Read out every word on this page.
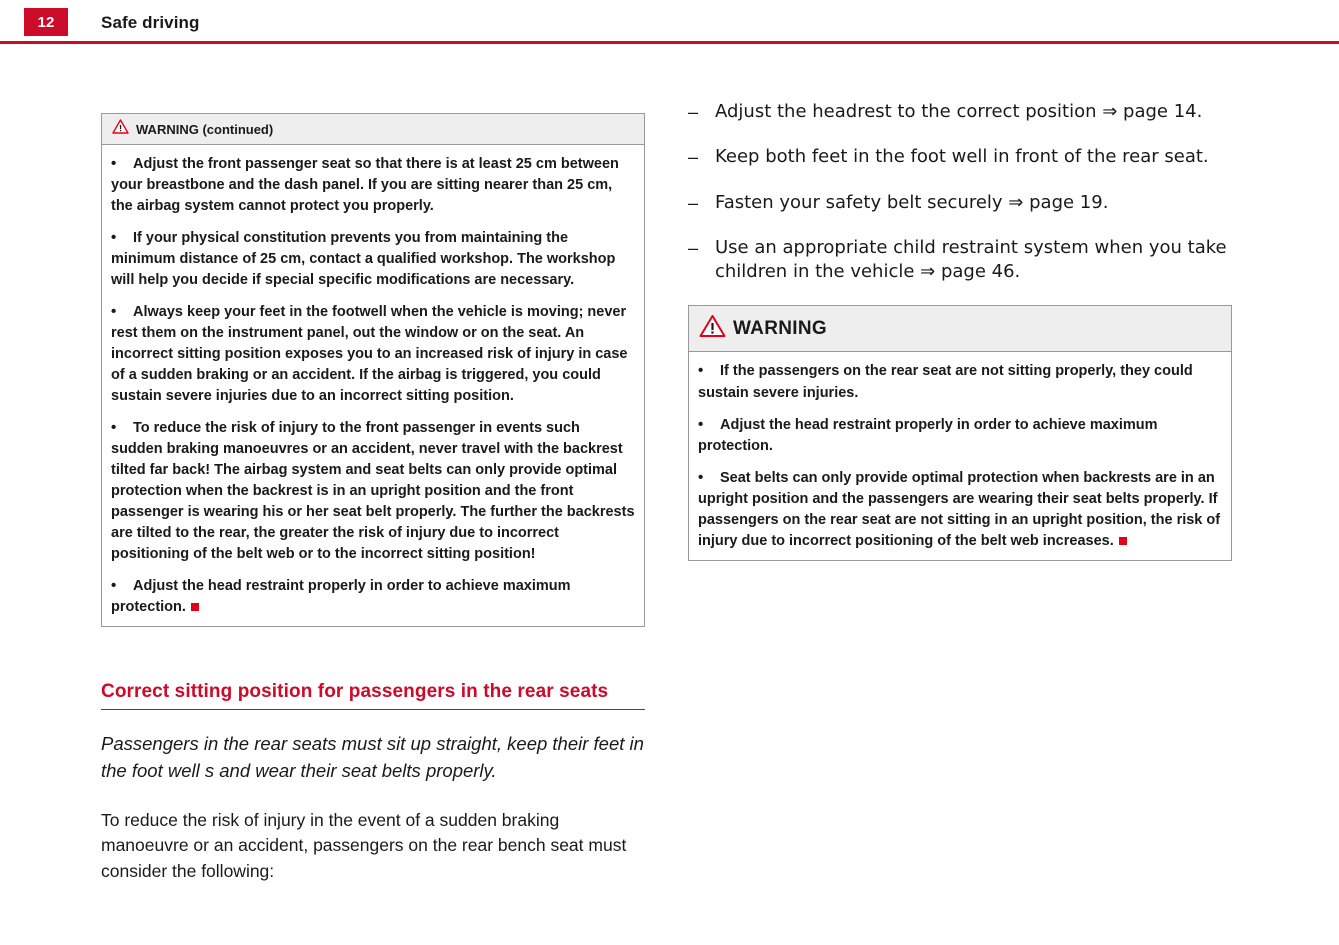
12	Safe driving
WARNING (continued)
•Adjust the front passenger seat so that there is at least 25 cm between your breastbone and the dash panel. If you are sitting nearer than 25 cm, the airbag system cannot protect you properly.
•If your physical constitution prevents you from maintaining the minimum distance of 25 cm, contact a qualified workshop. The workshop will help you decide if special specific modifications are necessary.
•Always keep your feet in the footwell when the vehicle is moving; never rest them on the instrument panel, out the window or on the seat. An incorrect sitting position exposes you to an increased risk of injury in case of a sudden braking or an accident. If the airbag is triggered, you could sustain severe injuries due to an incorrect sitting position.
•To reduce the risk of injury to the front passenger in events such sudden braking manoeuvres or an accident, never travel with the backrest tilted far back! The airbag system and seat belts can only provide optimal protection when the backrest is in an upright position and the front passenger is wearing his or her seat belt properly. The further the backrests are tilted to the rear, the greater the risk of injury due to incorrect positioning of the belt web or to the incorrect sitting position!
•Adjust the head restraint properly in order to achieve maximum protection.
Correct sitting position for passengers in the rear seats
Passengers in the rear seats must sit up straight, keep their feet in the foot well s and wear their seat belts properly.
To reduce the risk of injury in the event of a sudden braking manoeuvre or an accident, passengers on the rear bench seat must consider the following:
–
Adjust the headrest to the correct position ⇒ page 14.
–
Keep both feet in the foot well in front of the rear seat.
–
Fasten your safety belt securely ⇒ page 19.
–
Use an appropriate child restraint system when you take children in the vehicle ⇒ page 46.
WARNING
•If the passengers on the rear seat are not sitting properly, they could sustain severe injuries.
•Adjust the head restraint properly in order to achieve maximum protection.
•Seat belts can only provide optimal protection when backrests are in an upright position and the passengers are wearing their seat belts properly. If passengers on the rear seat are not sitting in an upright position, the risk of injury due to incorrect positioning of the belt web increases.
